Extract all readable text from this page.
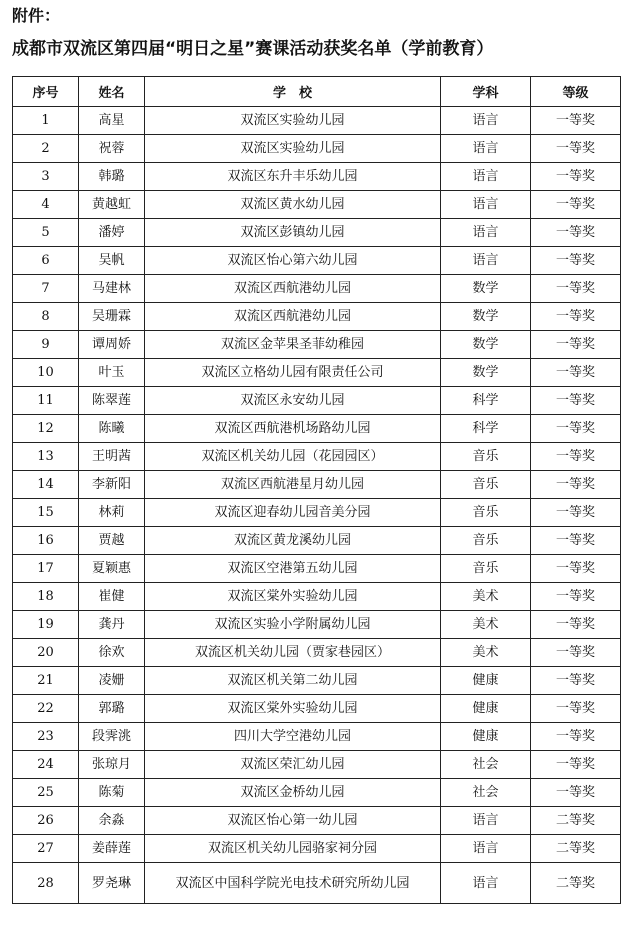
附件：
成都市双流区第四届“明日之星”赛课活动获奖名单（学前教育）
序号	姓名	学　校	学科	等级
1	高星	双流区实验幼儿园	语言	一等奖
2	祝蓉	双流区实验幼儿园	语言	一等奖
3	韩璐	双流区东升丰乐幼儿园	语言	一等奖
4	黄越虹	双流区黄水幼儿园	语言	一等奖
5	潘婷	双流区彭镇幼儿园	语言	一等奖
6	吴帆	双流区怡心第六幼儿园	语言	一等奖
7	马建林	双流区西航港幼儿园	数学	一等奖
8	吴珊霖	双流区西航港幼儿园	数学	一等奖
9	谭周娇	双流区金苹果圣菲幼稚园	数学	一等奖
10	叶玉	双流区立格幼儿园有限责任公司	数学	一等奖
11	陈翠莲	双流区永安幼儿园	科学	一等奖
12	陈曦	双流区西航港机场路幼儿园	科学	一等奖
13	王明茜	双流区机关幼儿园（花园园区）	音乐	一等奖
14	李新阳	双流区西航港星月幼儿园	音乐	一等奖
15	林莉	双流区迎春幼儿园音美分园	音乐	一等奖
16	贾越	双流区黄龙溪幼儿园	音乐	一等奖
17	夏颖惠	双流区空港第五幼儿园	音乐	一等奖
18	崔健	双流区棠外实验幼儿园	美术	一等奖
19	龚丹	双流区实验小学附属幼儿园	美术	一等奖
20	徐欢	双流区机关幼儿园（贾家巷园区）	美术	一等奖
21	凌姗	双流区机关第二幼儿园	健康	一等奖
22	郭璐	双流区棠外实验幼儿园	健康	一等奖
23	段霁洮	四川大学空港幼儿园	健康	一等奖
24	张琼月	双流区荣汇幼儿园	社会	一等奖
25	陈菊	双流区金桥幼儿园	社会	一等奖
26	余淼	双流区怡心第一幼儿园	语言	二等奖
27	姜薛莲	双流区机关幼儿园骆家祠分园	语言	二等奖
28	罗尧琳	双流区中国科学院光电技术研究所幼儿园	语言	二等奖
